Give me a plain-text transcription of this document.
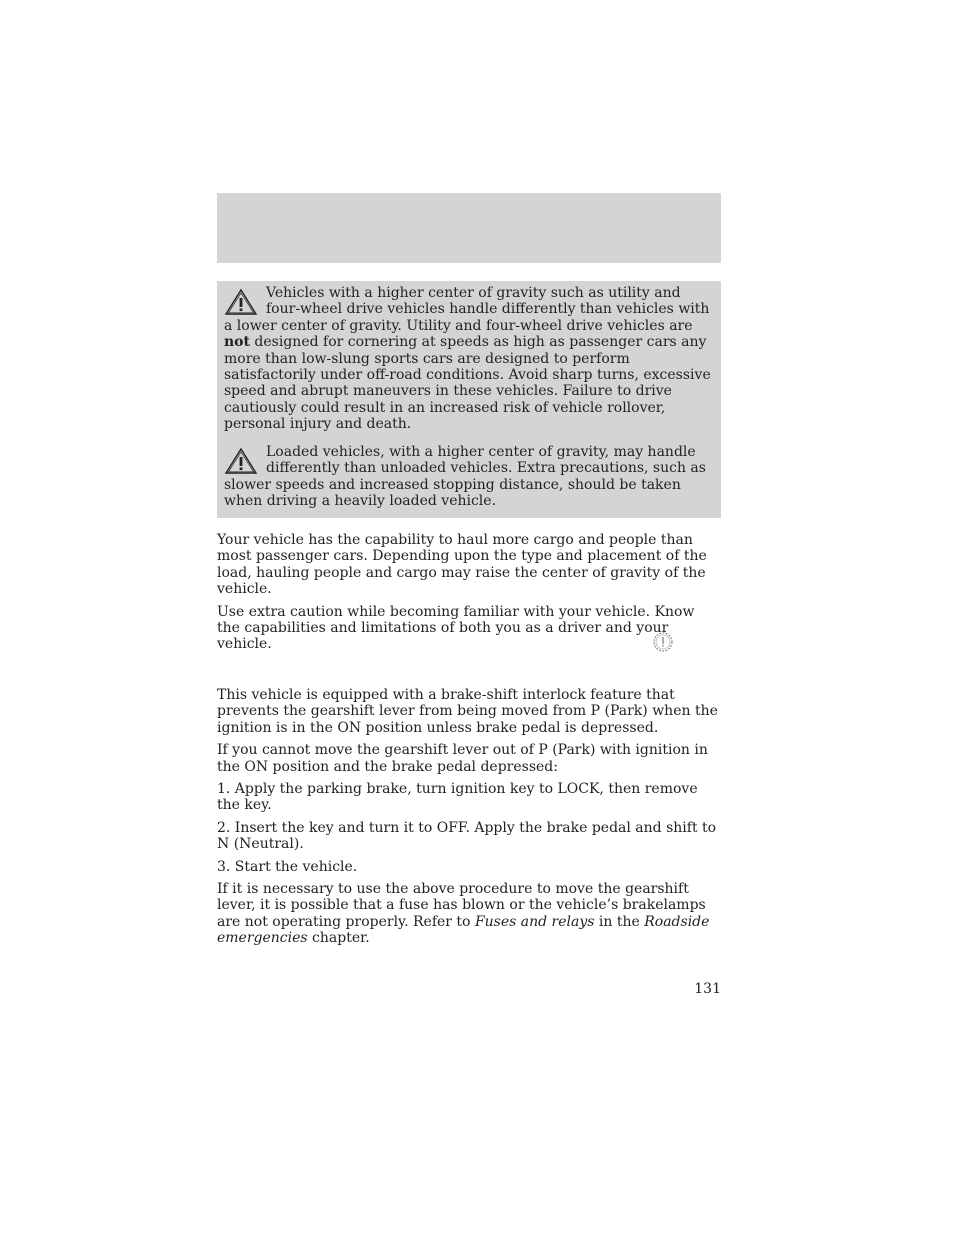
Vehicles with a higher center of gravity such as utility and four-wheel drive vehicles handle differently than vehicles with a lower center of gravity. Utility and four-wheel drive vehicles are not designed for cornering at speeds as high as passenger cars any more than low-slung sports cars are designed to perform satisfactorily under off-road conditions. Avoid sharp turns, excessive speed and abrupt maneuvers in these vehicles. Failure to drive cautiously could result in an increased risk of vehicle rollover, personal injury and death.
Loaded vehicles, with a higher center of gravity, may handle differently than unloaded vehicles. Extra precautions, such as slower speeds and increased stopping distance, should be taken when driving a heavily loaded vehicle.

Your vehicle has the capability to haul more cargo and people than most passenger cars. Depending upon the type and placement of the load, hauling people and cargo may raise the center of gravity of the vehicle.

Use extra caution while becoming familiar with your vehicle. Know the capabilities and limitations of both you as a driver and your vehicle.

This vehicle is equipped with a brake-shift interlock feature that prevents the gearshift lever from being moved from P (Park) when the ignition is in the ON position unless brake pedal is depressed.

If you cannot move the gearshift lever out of P (Park) with ignition in the ON position and the brake pedal depressed:

1. Apply the parking brake, turn ignition key to LOCK, then remove the key.

2. Insert the key and turn it to OFF. Apply the brake pedal and shift to N (Neutral).

3. Start the vehicle.

If it is necessary to use the above procedure to move the gearshift lever, it is possible that a fuse has blown or the vehicle’s brakelamps are not operating properly. Refer to Fuses and relays in the Roadside emergencies chapter.

131
